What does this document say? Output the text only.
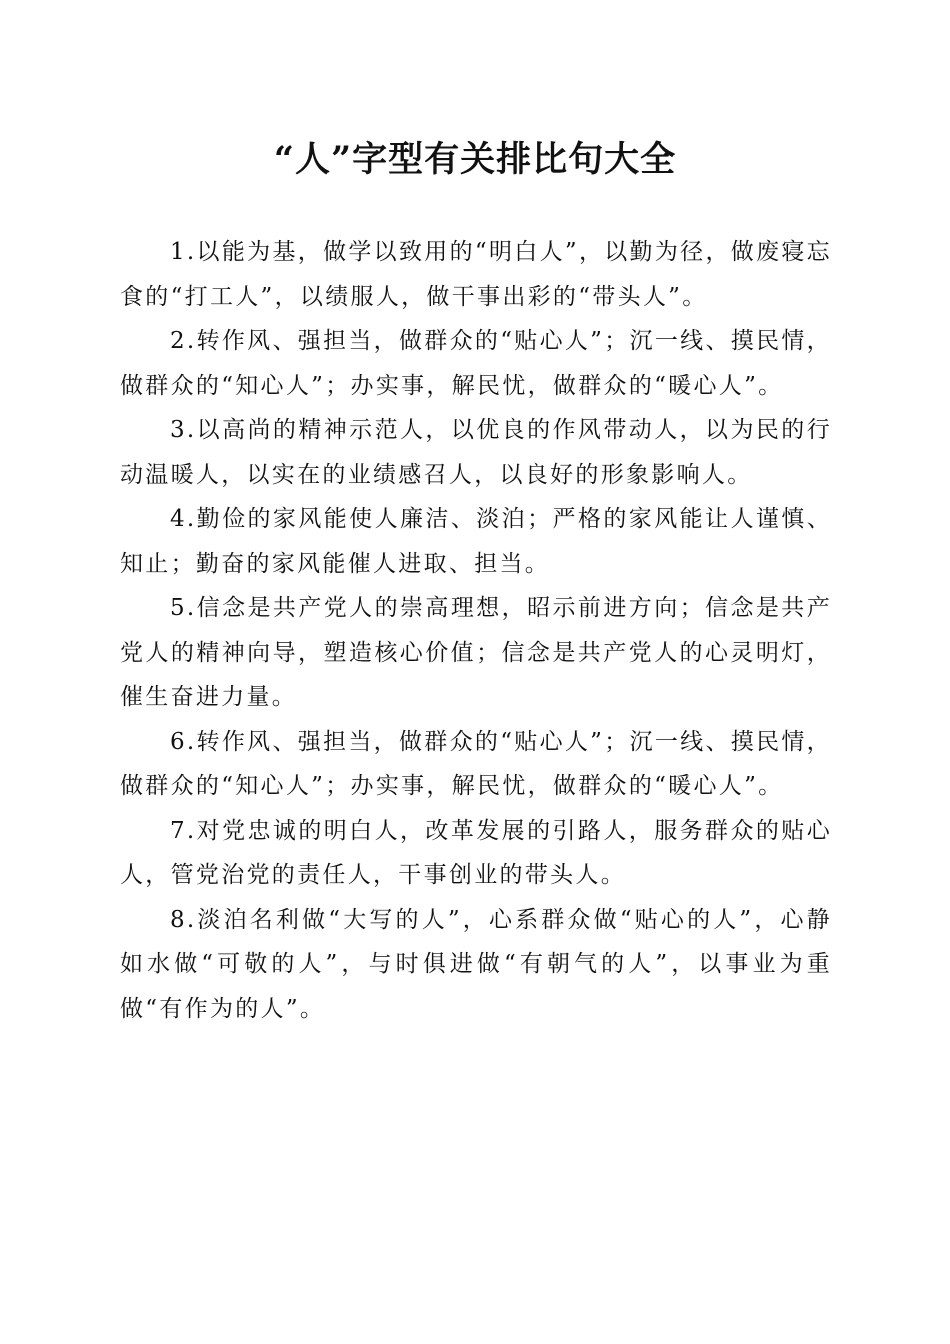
“人”字型有关排比句大全

1.以能为基，做学以致用的“明白人”，以勤为径，做废寝忘食的“打工人”，以绩服人，做干事出彩的“带头人”。

2.转作风、强担当，做群众的“贴心人”；沉一线、摸民情，做群众的“知心人”；办实事，解民忧，做群众的“暖心人”。

3.以高尚的精神示范人，以优良的作风带动人，以为民的行动温暖人，以实在的业绩感召人，以良好的形象影响人。

4.勤俭的家风能使人廉洁、淡泊；严格的家风能让人谨慎、知止；勤奋的家风能催人进取、担当。

5.信念是共产党人的崇高理想，昭示前进方向；信念是共产党人的精神向导，塑造核心价值；信念是共产党人的心灵明灯，催生奋进力量。

6.转作风、强担当，做群众的“贴心人”；沉一线、摸民情，做群众的“知心人”；办实事，解民忧，做群众的“暖心人”。

7.对党忠诚的明白人，改革发展的引路人，服务群众的贴心人，管党治党的责任人，干事创业的带头人。

8.淡泊名利做“大写的人”，心系群众做“贴心的人”，心静如水做“可敬的人”，与时俱进做“有朝气的人”，以事业为重做“有作为的人”。
